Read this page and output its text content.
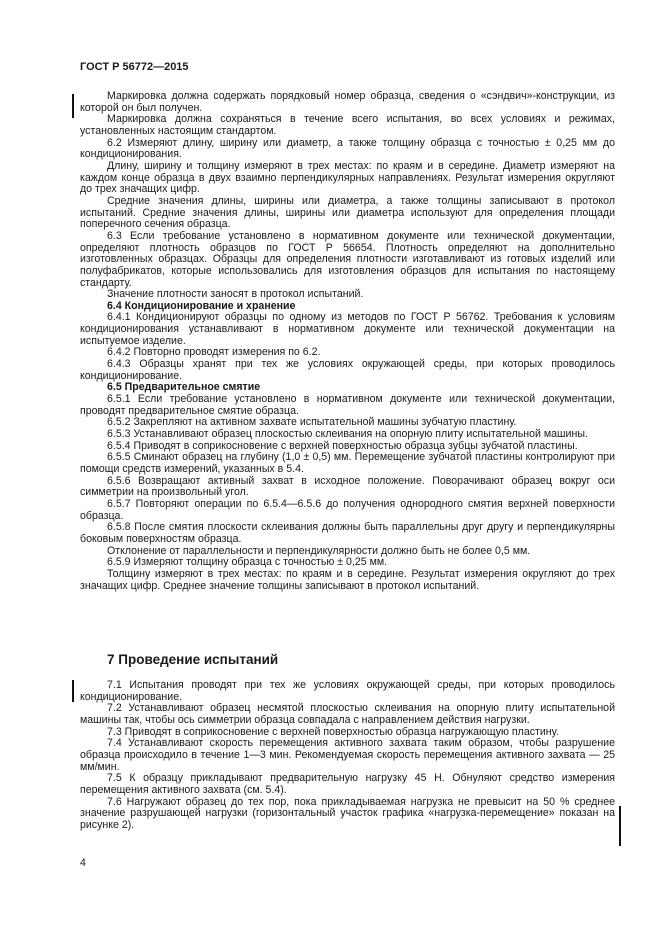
ГОСТ Р 56772—2015

Маркировка должна содержать порядковый номер образца, сведения о «сэндвич»-конструкции, из которой он был получен.

Маркировка должна сохраняться в течение всего испытания, во всех условиях и режимах, установленных настоящим стандартом.

6.2 Измеряют длину, ширину или диаметр, а также толщину образца с точностью ± 0,25 мм до кондиционирования.

Длину, ширину и толщину измеряют в трех местах: по краям и в середине. Диаметр измеряют на каждом конце образца в двух взаимно перпендикулярных направлениях. Результат измерения округляют до трех значащих цифр.

Средние значения длины, ширины или диаметра, а также толщины записывают в протокол испытаний. Средние значения длины, ширины или диаметра используют для определения площади поперечного сечения образца.

6.3 Если требование установлено в нормативном документе или технической документации, определяют плотность образцов по ГОСТ Р 56654. Плотность определяют на дополнительно изготовленных образцах. Образцы для определения плотности изготавливают из готовых изделий или полуфабрикатов, которые использовались для изготовления образцов для испытания по настоящему стандарту.

Значение плотности заносят в протокол испытаний.

6.4 Кондиционирование и хранение

6.4.1 Кондиционируют образцы по одному из методов по ГОСТ Р 56762. Требования к условиям кондиционирования устанавливают в нормативном документе или технической документации на испытуемое изделие.

6.4.2 Повторно проводят измерения по 6.2.

6.4.3 Образцы хранят при тех же условиях окружающей среды, при которых проводилось кондиционирование.

6.5 Предварительное смятие

6.5.1 Если требование установлено в нормативном документе или технической документации, проводят предварительное смятие образца.

6.5.2 Закрепляют на активном захвате испытательной машины зубчатую пластину.

6.5.3 Устанавливают образец плоскостью склеивания на опорную плиту испытательной машины.

6.5.4 Приводят в соприкосновение с верхней поверхностью образца зубцы зубчатой пластины.

6.5.5 Сминают образец на глубину (1,0 ± 0,5) мм. Перемещение зубчатой пластины контролируют при помощи средств измерений, указанных в 5.4.

6.5.6 Возвращают активный захват в исходное положение. Поворачивают образец вокруг оси симметрии на произвольный угол.

6.5.7 Повторяют операции по 6.5.4—6.5.6 до получения однородного смятия верхней поверхности образца.

6.5.8 После смятия плоскости склеивания должны быть параллельны друг другу и перпендикулярны боковым поверхностям образца.

Отклонение от параллельности и перпендикулярности должно быть не более 0,5 мм.

6.5.9 Измеряют толщину образца с точностью ± 0,25 мм.

Толщину измеряют в трех местах: по краям и в середине. Результат измерения округляют до трех значащих цифр. Среднее значение толщины записывают в протокол испытаний.

7 Проведение испытаний

7.1 Испытания проводят при тех же условиях окружающей среды, при которых проводилось кондиционирование.

7.2 Устанавливают образец несмятой плоскостью склеивания на опорную плиту испытательной машины так, чтобы ось симметрии образца совпадала с направлением действия нагрузки.

7.3 Приводят в соприкосновение с верхней поверхностью образца нагружающую пластину.

7.4 Устанавливают скорость перемещения активного захвата таким образом, чтобы разрушение образца происходило в течение 1—3 мин. Рекомендуемая скорость перемещения активного захвата — 25 мм/мин.

7.5 К образцу прикладывают предварительную нагрузку 45 Н. Обнуляют средство измерения перемещения активного захвата (см. 5.4).

7.6 Нагружают образец до тех пор, пока прикладываемая нагрузка не превысит на 50 % среднее значение разрушающей нагрузки (горизонтальный участок графика «нагрузка-перемещение» показан на рисунке 2).

4
